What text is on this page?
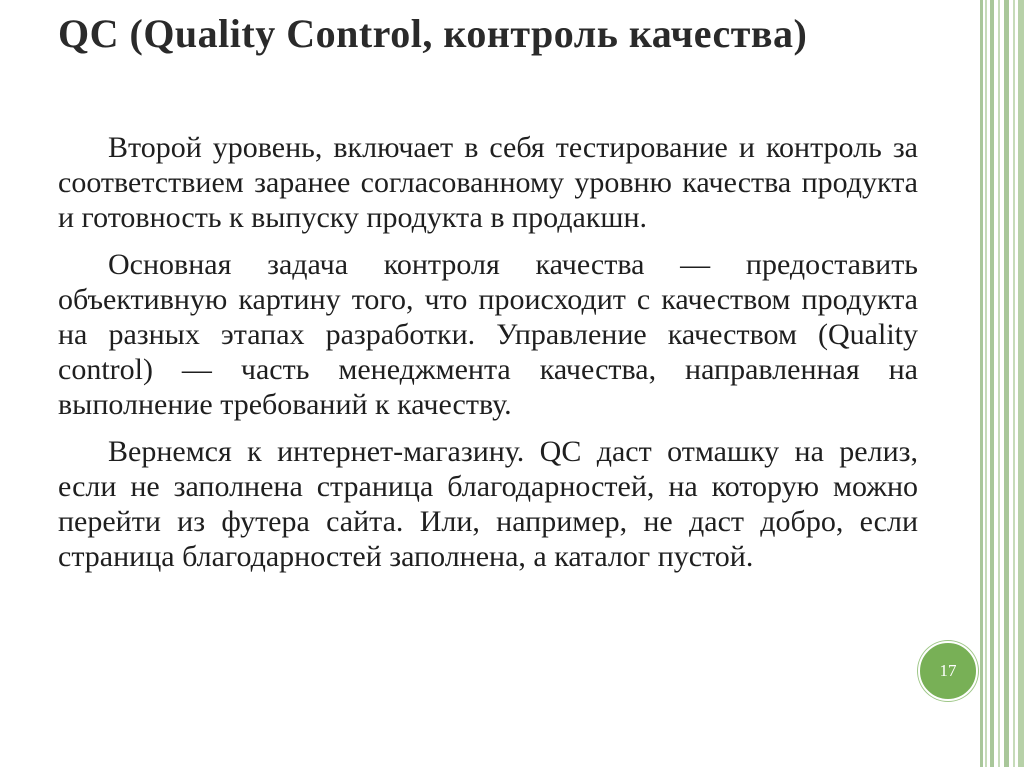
QC (Quality Control, контроль качества)

Второй уровень, включает в себя тестирование и контроль за соответствием заранее согласованному уровню качества продукта и готовность к выпуску продукта в продакшн.

Основная задача контроля качества — предоставить объективную картину того, что происходит с качеством продукта на разных этапах разработки. Управление качеством (Quality control) — часть менеджмента качества, направленная на выполнение требований к качеству.

Вернемся к интернет-магазину. QC даст отмашку на релиз, если не заполнена страница благодарностей, на которую можно перейти из футера сайта. Или, например, не даст добро, если страница благодарностей заполнена, а каталог пустой.

17
